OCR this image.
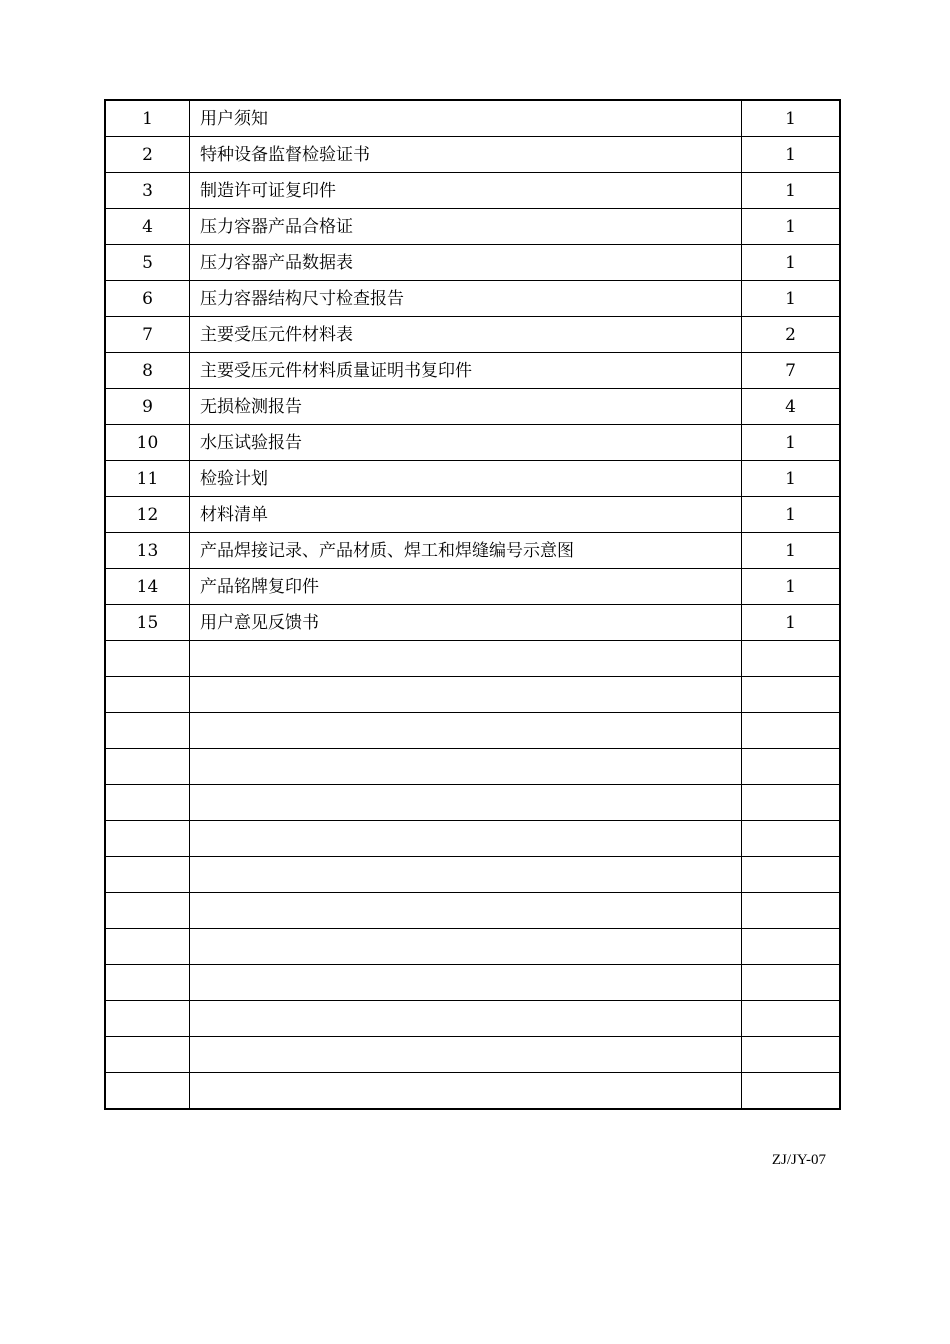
1	用户须知	1
2	特种设备监督检验证书	1
3	制造许可证复印件	1
4	压力容器产品合格证	1
5	压力容器产品数据表	1
6	压力容器结构尺寸检查报告	1
7	主要受压元件材料表	2
8	主要受压元件材料质量证明书复印件	7
9	无损检测报告	4
10	水压试验报告	1
11	检验计划	1
12	材料清单	1
13	产品焊接记录、产品材质、焊工和焊缝编号示意图	1
14	产品铭牌复印件	1
15	用户意见反馈书	1

ZJ/JY-07
